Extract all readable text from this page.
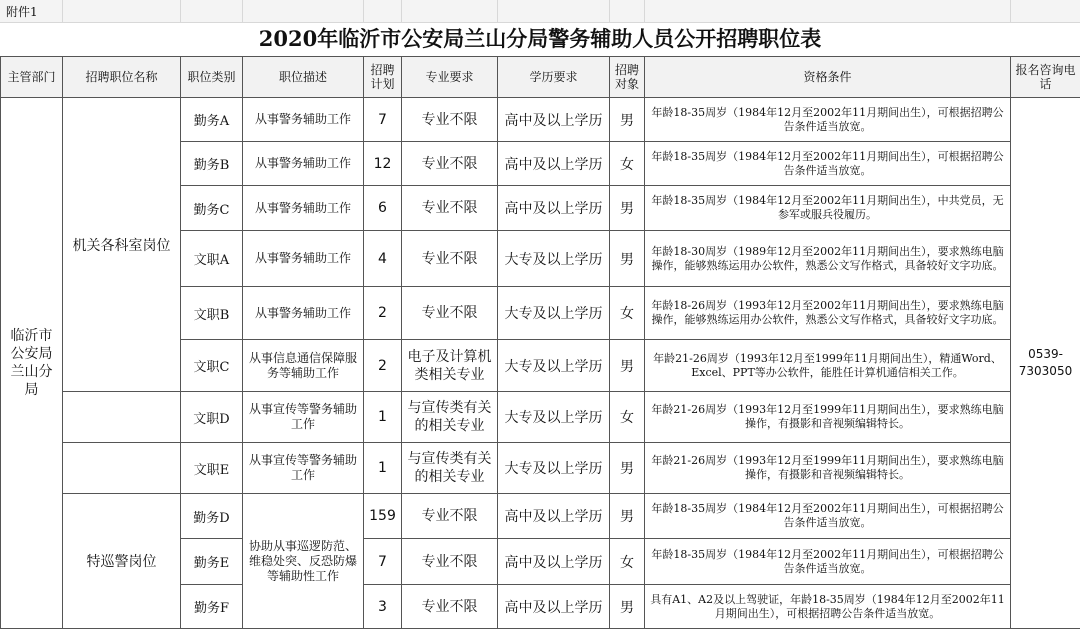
附件1
2020年临沂市公安局兰山分局警务辅助人员公开招聘职位表
主管部门	招聘职位名称	职位类别	职位描述	招聘计划	专业要求	学历要求	招聘对象	资格条件	报名咨询电话
临沂市公安局兰山分局	机关各科室岗位	勤务A	从事警务辅助工作	7	专业不限	高中及以上学历	男	年龄18-35周岁（1984年12月至2002年11月期间出生），可根据招聘公告条件适当放宽。	0539-7303050
		勤务B	从事警务辅助工作	12	专业不限	高中及以上学历	女	年龄18-35周岁（1984年12月至2002年11月期间出生），可根据招聘公告条件适当放宽。	
		勤务C	从事警务辅助工作	6	专业不限	高中及以上学历	男	年龄18-35周岁（1984年12月至2002年11月期间出生），中共党员，无参军或服兵役履历。	
		文职A	从事警务辅助工作	4	专业不限	大专及以上学历	男	年龄18-30周岁（1989年12月至2002年11月期间出生），要求熟练电脑操作，能够熟练运用办公软件，熟悉公文写作格式，具备较好文字功底。	
		文职B	从事警务辅助工作	2	专业不限	大专及以上学历	女	年龄18-26周岁（1993年12月至2002年11月期间出生），要求熟练电脑操作，能够熟练运用办公软件，熟悉公文写作格式，具备较好文字功底。	
		文职C	从事信息通信保障服务等辅助工作	2	电子及计算机类相关专业	大专及以上学历	男	年龄21-26周岁（1993年12月至1999年11月期间出生），精通Word、Excel、PPT等办公软件，能胜任计算机通信相关工作。	
		文职D	从事宣传等警务辅助工作	1	与宣传类有关的相关专业	大专及以上学历	女	年龄21-26周岁（1993年12月至1999年11月期间出生），要求熟练电脑操作，有摄影和音视频编辑特长。	
		文职E	从事宣传等警务辅助工作	1	与宣传类有关的相关专业	大专及以上学历	男	年龄21-26周岁（1993年12月至1999年11月期间出生），要求熟练电脑操作，有摄影和音视频编辑特长。	
	特巡警岗位	勤务D	协助从事巡逻防范、维稳处突、反恐防爆等辅助性工作	159	专业不限	高中及以上学历	男	年龄18-35周岁（1984年12月至2002年11月期间出生），可根据招聘公告条件适当放宽。	
		勤务E		7	专业不限	高中及以上学历	女	年龄18-35周岁（1984年12月至2002年11月期间出生），可根据招聘公告条件适当放宽。	
		勤务F		3	专业不限	高中及以上学历	男	具有A1、A2及以上驾驶证，年龄18-35周岁（1984年12月至2002年11月期间出生），可根据招聘公告条件适当放宽。	
